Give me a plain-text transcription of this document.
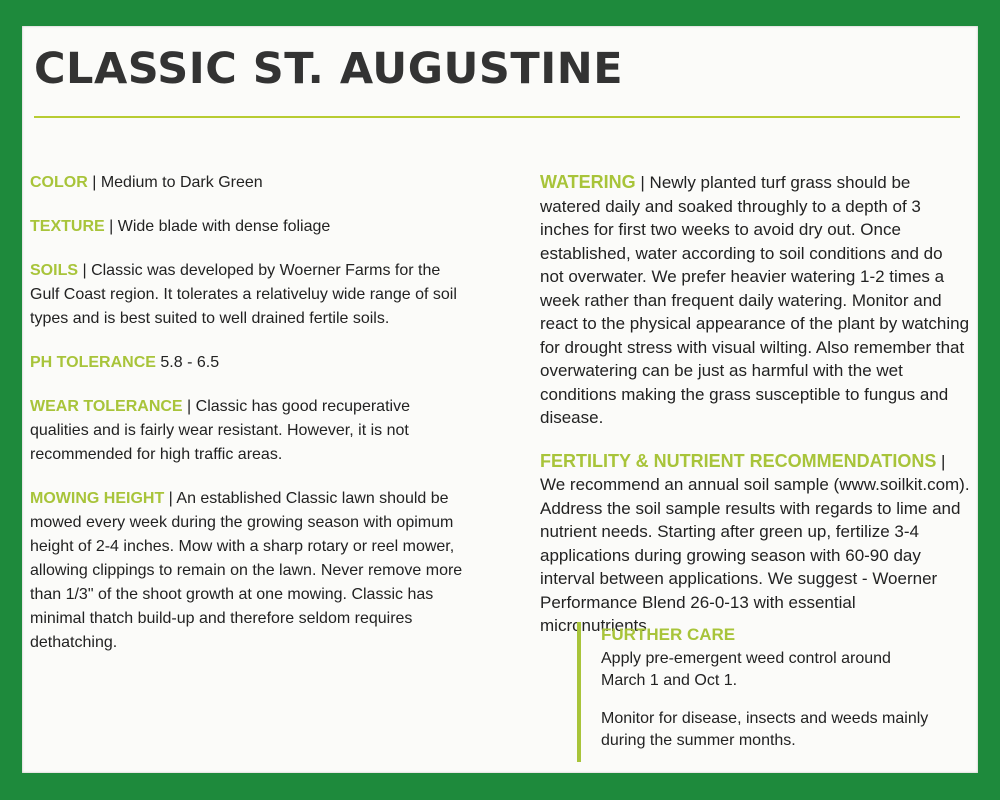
CLASSIC ST. AUGUSTINE

COLOR | Medium to Dark Green

TEXTURE | Wide blade with dense foliage

SOILS | Classic was developed by Woerner Farms for the Gulf Coast region. It tolerates a relativeluy wide range of soil types and is best suited to well drained fertile soils.

PH TOLERANCE 5.8 - 6.5

WEAR TOLERANCE | Classic has good recuperative qualities and is fairly wear resistant. However, it is not recommended for high traffic areas.

MOWING HEIGHT | An established Classic lawn should be mowed every week during the growing season with opimum height of 2-4 inches. Mow with a sharp rotary or reel mower, allowing clippings to remain on the lawn. Never remove more than 1/3" of the shoot growth at one mowing. Classic has minimal thatch build-up and therefore seldom requires dethatching.

WATERING | Newly planted turf grass should be watered daily and soaked throughly to a depth of 3 inches for first two weeks to avoid dry out. Once established, water according to soil conditions and do not overwater. We prefer heavier watering 1-2 times a week rather than frequent daily watering. Monitor and react to the physical appearance of the plant by watching for drought stress with visual wilting. Also remember that overwatering can be just as harmful with the wet conditions making the grass susceptible to fungus and disease.

FERTILITY & NUTRIENT RECOMMENDATIONS | We recommend an annual soil sample (www.soilkit.com). Address the soil sample results with regards to lime and nutrient needs. Starting after green up, fertilize 3-4 applications during growing season with 60-90 day interval between applications. We suggest - Woerner Performance Blend 26-0-13 with essential micronutrients.

FURTHER CARE

Apply pre-emergent weed control around March 1 and Oct 1.

Monitor for disease, insects and weeds mainly during the summer months.
